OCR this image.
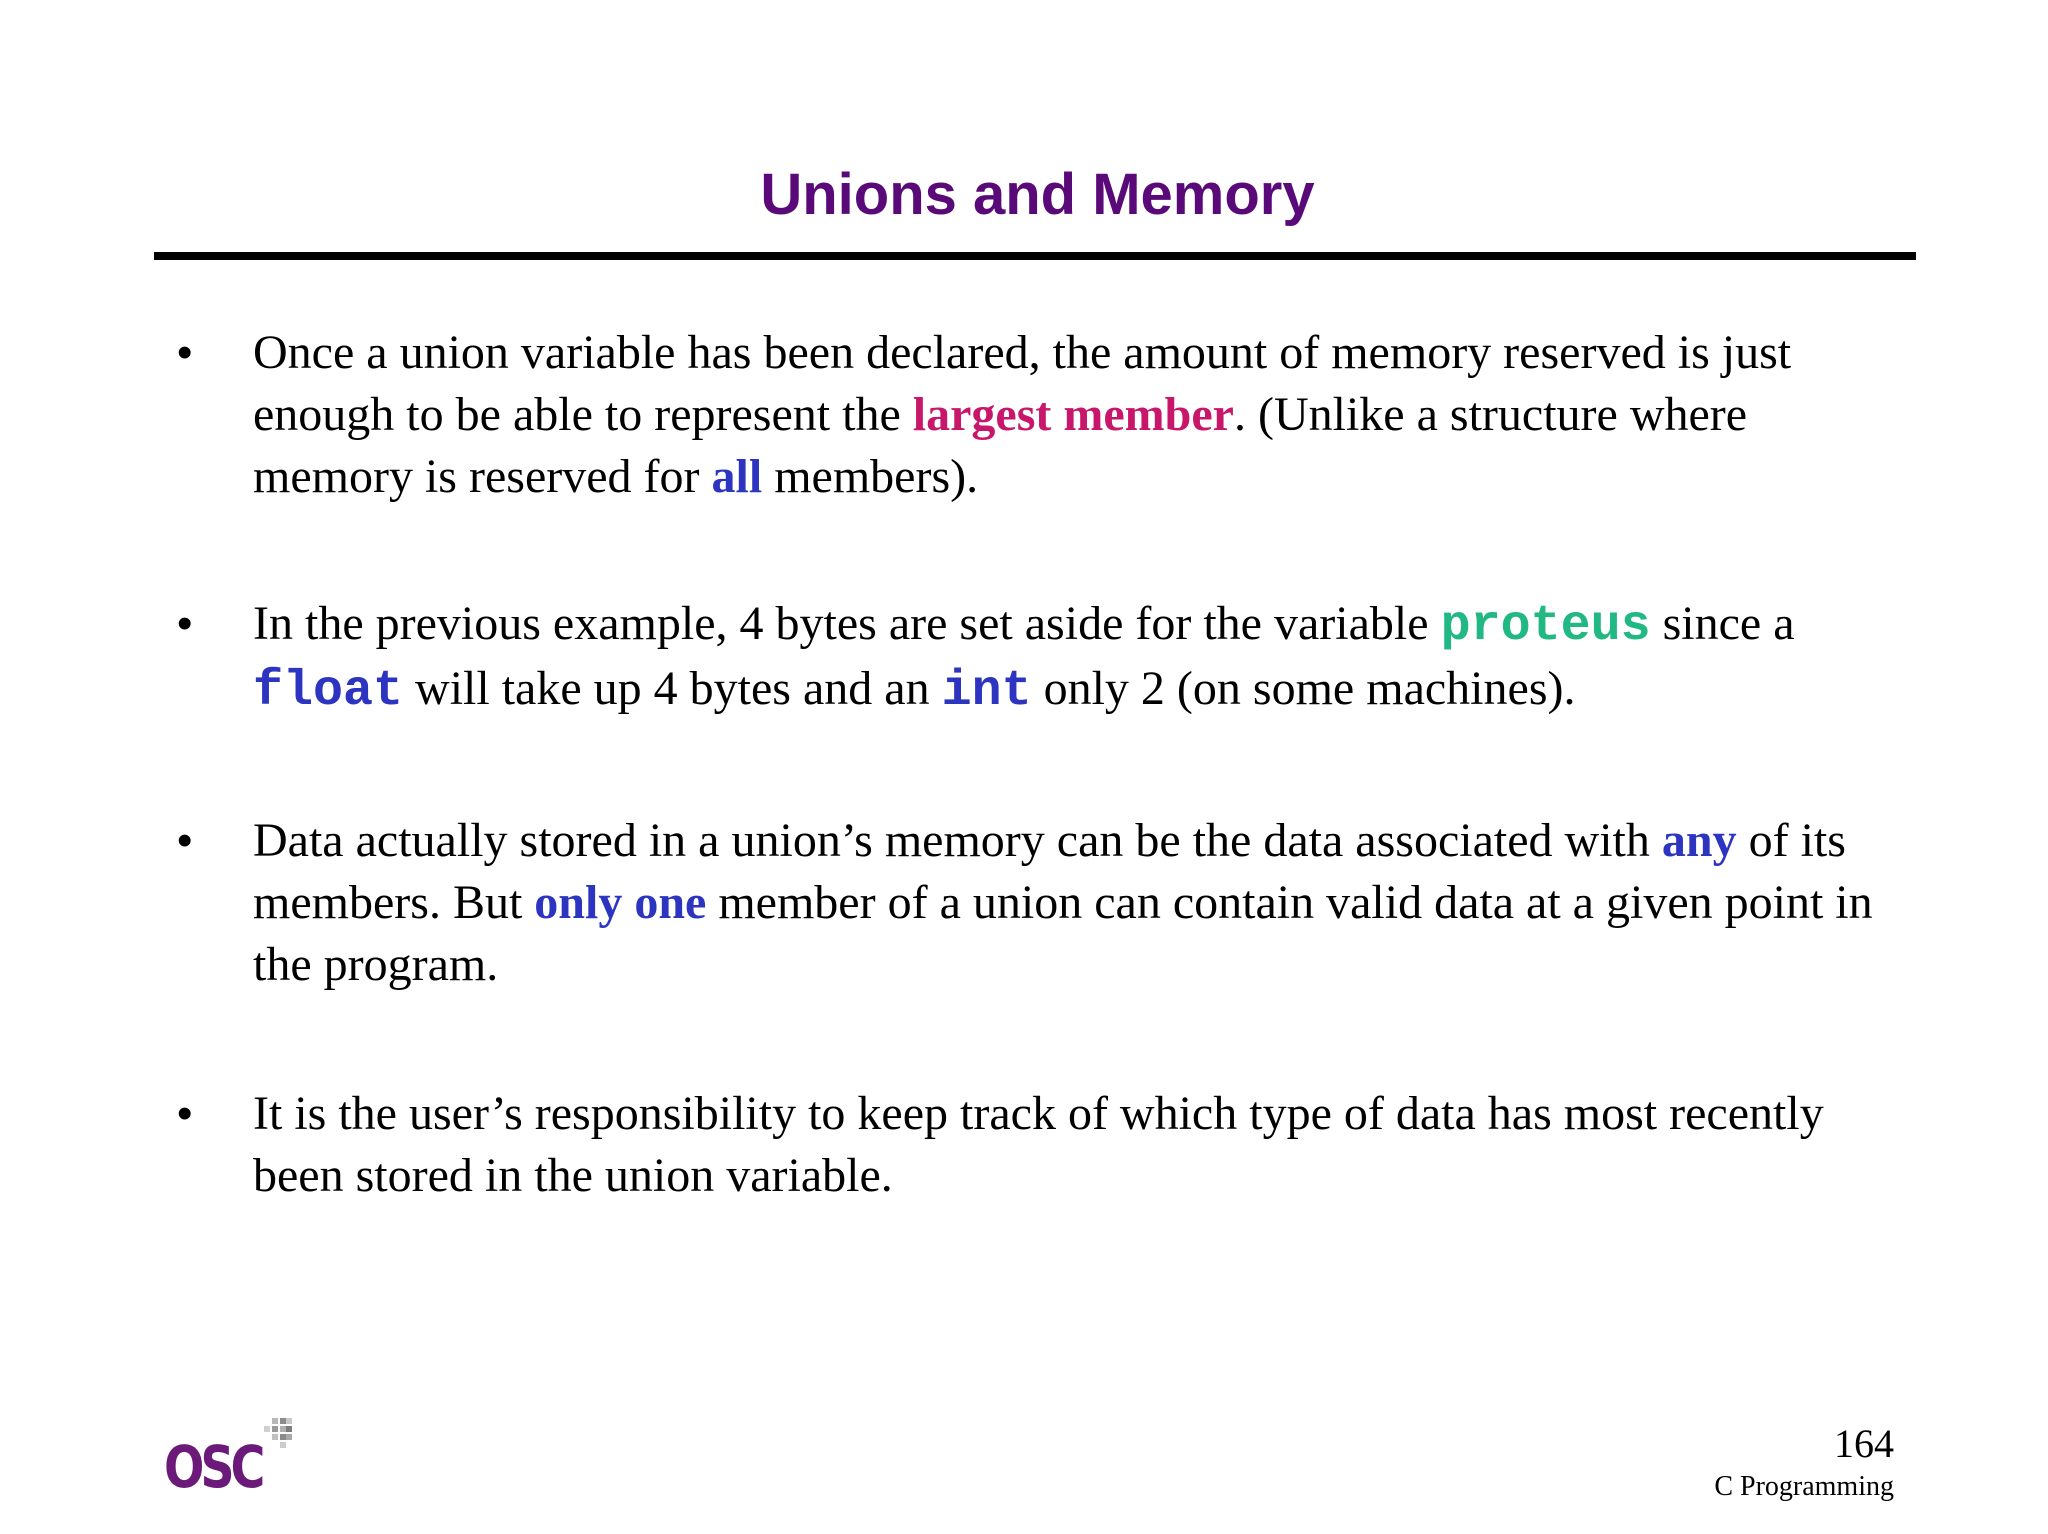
Unions and Memory
•	Once a union variable has been declared, the amount of memory reserved is just enough to be able to represent the largest member. (Unlike a structure where memory is reserved for all members).
•	In the previous example, 4 bytes are set aside for the variable proteus since a float will take up 4 bytes and an int only 2 (on some machines).
•	Data actually stored in a union’s memory can be the data associated with any of its members. But only one member of a union can contain valid data at a given point in the program.
•	It is the user’s responsibility to keep track of which type of data has most recently been stored in the union variable.
OSC	164
C Programming
